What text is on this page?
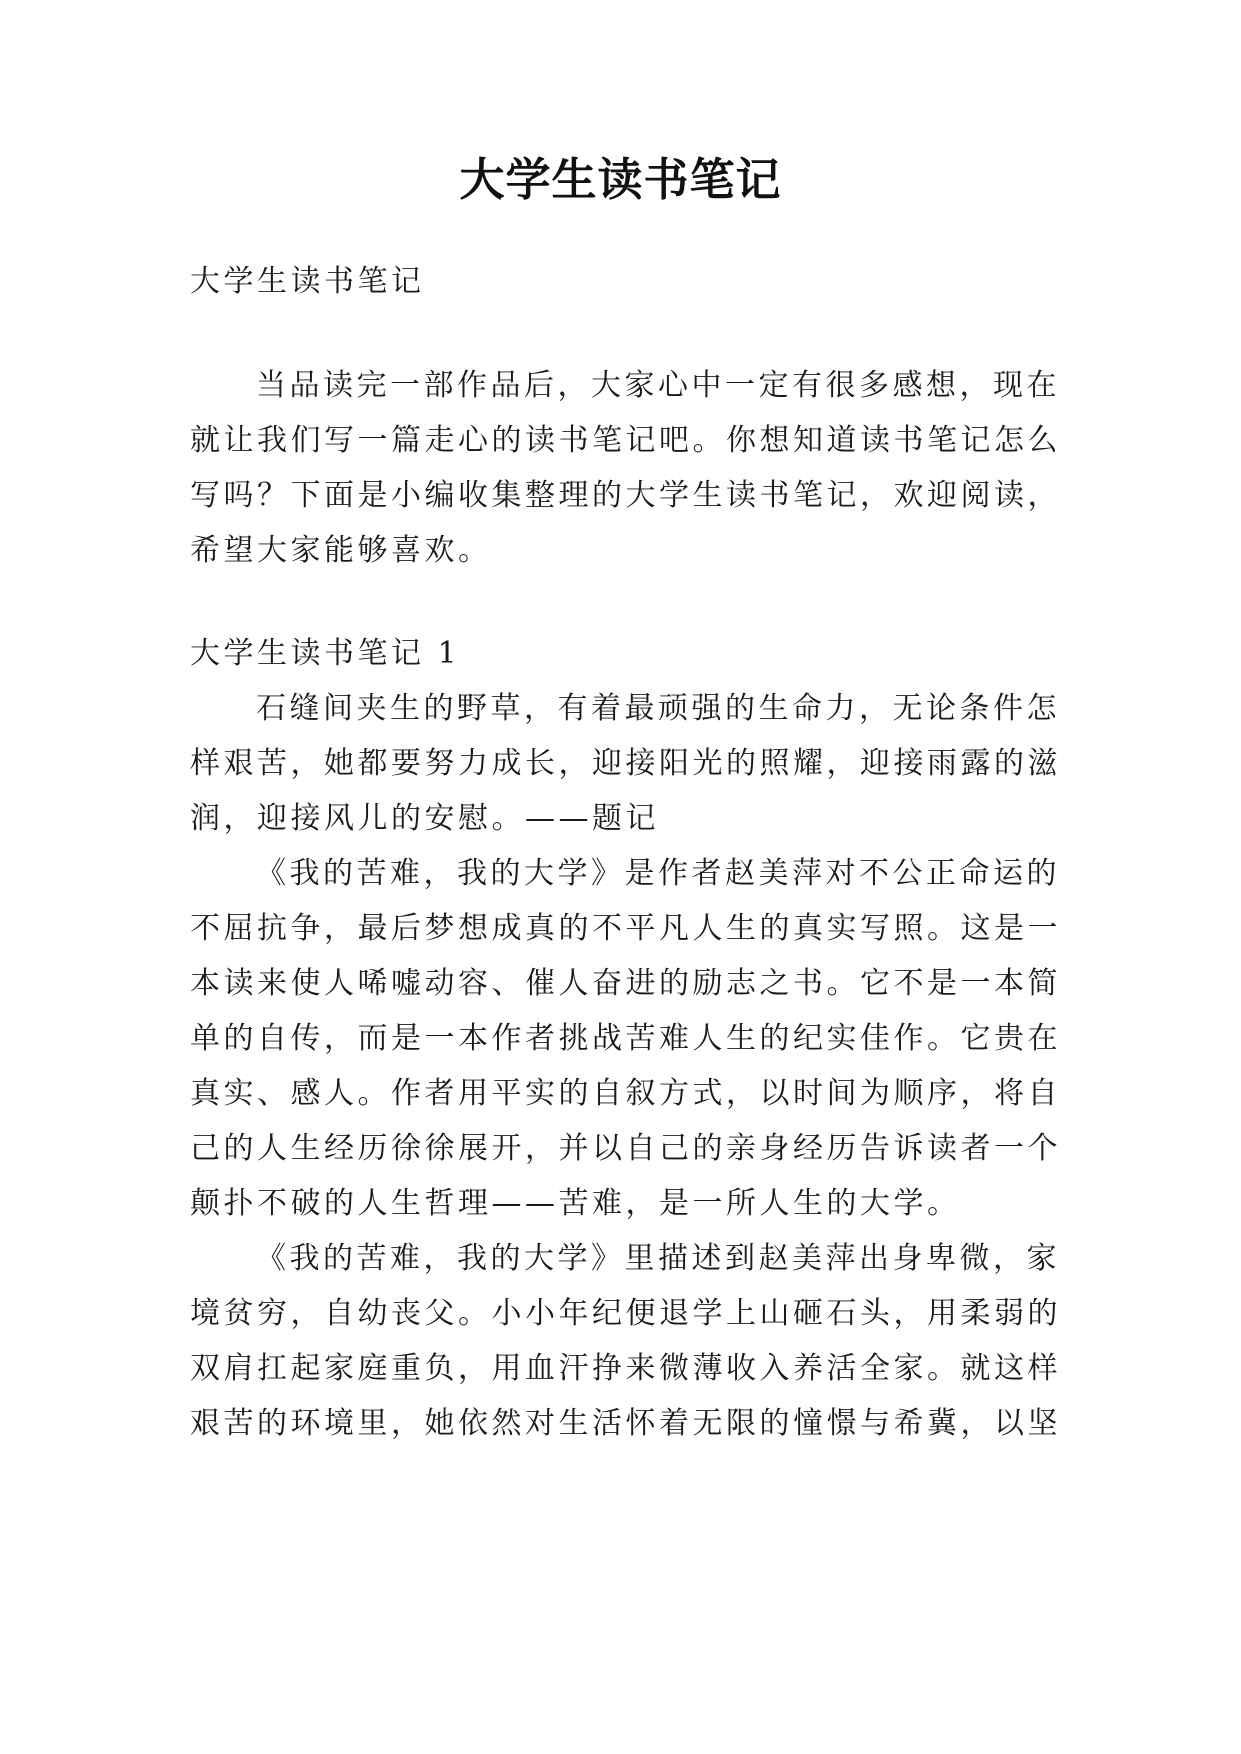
大学生读书笔记

大学生读书笔记

当品读完一部作品后，大家心中一定有很多感想，现在

就让我们写一篇走心的读书笔记吧。你想知道读书笔记怎么

写吗？下面是小编收集整理的大学生读书笔记，欢迎阅读，

希望大家能够喜欢。

大学生读书笔记 1

石缝间夹生的野草，有着最顽强的生命力，无论条件怎

样艰苦，她都要努力成长，迎接阳光的照耀，迎接雨露的滋

润，迎接风儿的安慰。——题记

《我的苦难，我的大学》是作者赵美萍对不公正命运的

不屈抗争，最后梦想成真的不平凡人生的真实写照。这是一

本读来使人唏嘘动容、催人奋进的励志之书。它不是一本简

单的自传，而是一本作者挑战苦难人生的纪实佳作。它贵在

真实、感人。作者用平实的自叙方式，以时间为顺序，将自

己的人生经历徐徐展开，并以自己的亲身经历告诉读者一个

颠扑不破的人生哲理——苦难，是一所人生的大学。

《我的苦难，我的大学》里描述到赵美萍出身卑微，家

境贫穷，自幼丧父。小小年纪便退学上山砸石头，用柔弱的

双肩扛起家庭重负，用血汗挣来微薄收入养活全家。就这样

艰苦的环境里，她依然对生活怀着无限的憧憬与希冀，以坚
